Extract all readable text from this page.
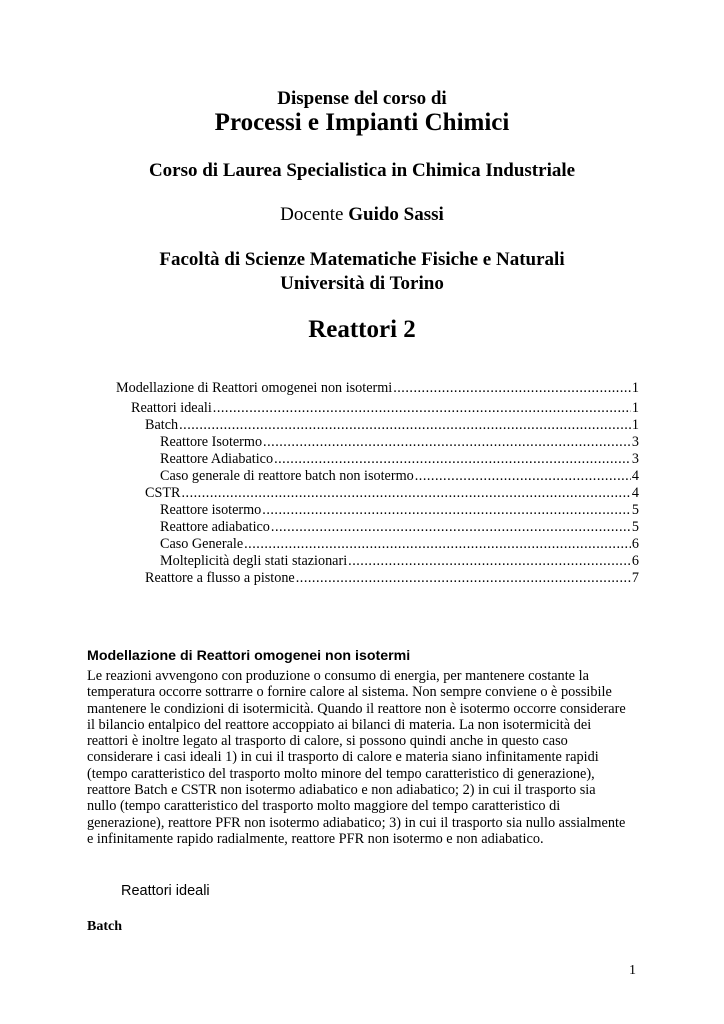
Dispense del corso di
Processi e Impianti Chimici
Corso di Laurea Specialistica in Chimica Industriale
Docente Guido Sassi
Facoltà di Scienze Matematiche Fisiche e Naturali
Università di Torino
Reattori 2
Modellazione di Reattori omogenei non isotermi .....	1
Reattori ideali .....	1
Batch .....	1
Reattore Isotermo .....	3
Reattore Adiabatico .....	3
Caso generale di reattore batch non isotermo .....	4
CSTR .....	4
Reattore isotermo .....	5
Reattore adiabatico .....	5
Caso Generale .....	6
Molteplicità degli stati stazionari .....	6
Reattore a flusso a pistone .....	7
Modellazione di Reattori omogenei non isotermi
Le reazioni avvengono con produzione o consumo di energia, per mantenere costante la
temperatura occorre sottrarre o fornire calore al sistema. Non sempre conviene o è possibile
mantenere le condizioni di isotermicità. Quando il reattore non è isotermo occorre considerare
il bilancio entalpico del reattore accoppiato ai bilanci di materia. La non isotermicità dei
reattori è inoltre legato al trasporto di calore, si possono quindi anche in questo caso
considerare i casi ideali 1) in cui il trasporto di calore e materia siano infinitamente rapidi
(tempo caratteristico del trasporto molto minore del tempo caratteristico di generazione),
reattore Batch e CSTR non isotermo adiabatico e non adiabatico; 2) in cui il trasporto sia
nullo (tempo caratteristico del trasporto molto maggiore del tempo caratteristico di
generazione), reattore PFR non isotermo adiabatico; 3) in cui il trasporto sia nullo assialmente
e infinitamente rapido radialmente, reattore PFR non isotermo e non adiabatico.
Reattori ideali
Batch
1
